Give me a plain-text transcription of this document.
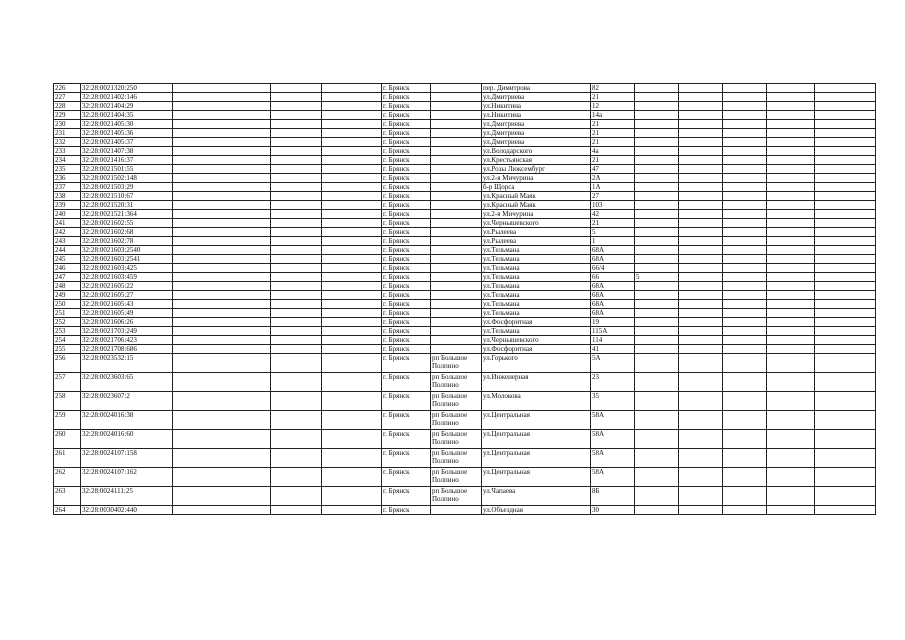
226	32:28:0021320:250				г. Брянск		пер. Димитрова	82					
227	32:28:0021402:146				г. Брянск		ул.Дмитриева	21					
228	32:28:0021404:29				г. Брянск		ул.Никитина	12					
229	32:28:0021404:35				г. Брянск		ул.Никитина	14а					
230	32:28:0021405:30				г. Брянск		ул.Дмитриева	21					
231	32:28:0021405:36				г. Брянск		ул.Дмитриева	21					
232	32:28:0021405:37				г. Брянск		ул.Дмитриева	21					
233	32:28:0021407:38				г. Брянск		ул.Володарского	4а					
234	32:28:0021416:37				г. Брянск		ул.Крестьянская	21					
235	32:28:0021501:55				г. Брянск		ул.Розы Люксембург	47					
236	32:28:0021502:148				г. Брянск		ул.2-я Мичурина	2А					
237	32:28:0021503:29				г. Брянск		б-р Щорса	1А					
238	32:28:0021510:67				г. Брянск		ул.Красный Маяк	27					
239	32:28:0021520:31				г. Брянск		ул.Красный Маяк	103					
240	32:28:0021521:364				г. Брянск		ул.2-я Мичурина	42					
241	32:28:0021602:55				г. Брянск		ул.Чернышевского	21					
242	32:28:0021602:68				г. Брянск		ул.Рылеева	5					
243	32:28:0021602:78				г. Брянск		ул.Рылеева	1					
244	32:28:0021603:2540				г. Брянск		ул.Тельмана	68А					
245	32:28:0021603:2541				г. Брянск		ул.Тельмана	68А					
246	32:28:0021603:425				г. Брянск		ул.Тельмана	66/4					
247	32:28:0021603:459				г. Брянск		ул.Тельмана	66	5				
248	32:28:0021605:22				г. Брянск		ул.Тельмана	68А					
249	32:28:0021605:27				г. Брянск		ул.Тельмана	68А					
250	32:28:0021605:43				г. Брянск		ул.Тельмана	68А					
251	32:28:0021605:49				г. Брянск		ул.Тельмана	68А					
252	32:28:0021606:26				г. Брянск		ул.Фосфоритная	19					
253	32:28:0021703:249				г. Брянск		ул.Тельмана	115А					
254	32:28:0021706:423				г. Брянск		ул.Чернышевского	114					
255	32:28:0021708:686				г. Брянск		ул.Фосфоритная	41					
256	32:28:0023532:15				г. Брянск	рп Большое Полпино	ул.Горького	5А					
257	32:28:0023603:65				г. Брянск	рп Большое Полпино	ул.Инженерная	23					
258	32:28:0023607:2				г. Брянск	рп Большое Полпино	ул.Молокова	35					
259	32:28:0024016:38				г. Брянск	рп Большое Полпино	ул.Центральная	58А					
260	32:28:0024016:60				г. Брянск	рп Большое Полпино	ул.Центральная	58А					
261	32:28:0024107:158				г. Брянск	рп Большое Полпино	ул.Центральная	58А					
262	32:28:0024107:162				г. Брянск	рп Большое Полпино	ул.Центральная	58А					
263	32:28:0024111:25				г. Брянск	рп Большое Полпино	ул.Чапаева	8Б					
264	32:28:0030402:440				г. Брянск		ул.Объездная	30					
